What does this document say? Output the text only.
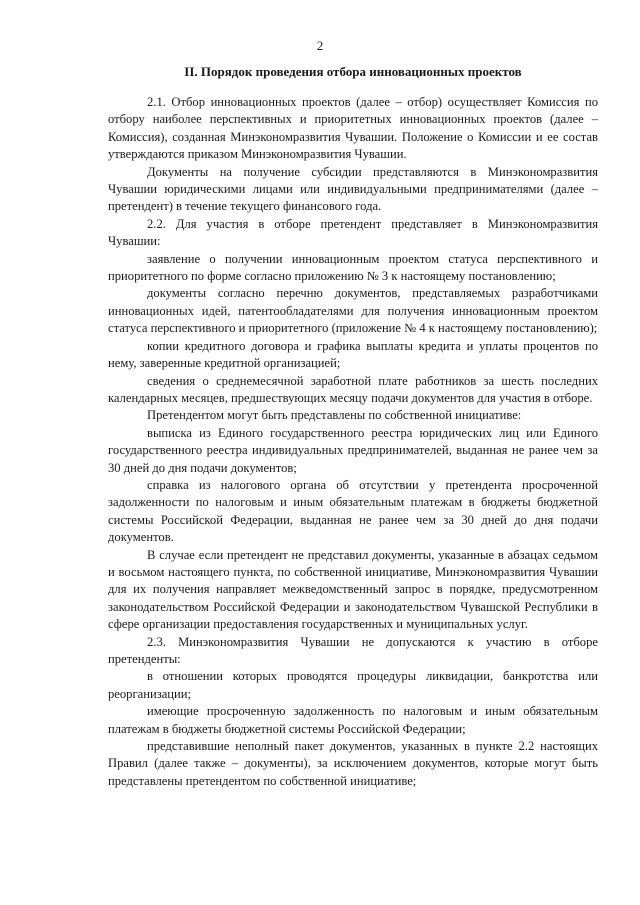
2
II. Порядок проведения отбора инновационных проектов

2.1. Отбор инновационных проектов (далее – отбор) осуществляет Комиссия по отбору наиболее перспективных и приоритетных инновационных проектов (далее – Комиссия), созданная Минэкономразвития Чувашии. Положение о Комиссии и ее состав утверждаются приказом Минэкономразвития Чувашии.

Документы на получение субсидии представляются в Минэкономразвития Чувашии юридическими лицами или индивидуальными предпринимателями (далее – претендент) в течение текущего финансового года.

2.2. Для участия в отборе претендент представляет в Минэкономразвития Чувашии:

заявление о получении инновационным проектом статуса перспективного и приоритетного по форме согласно приложению № 3 к настоящему постановлению;

документы согласно перечню документов, представляемых разработчиками инновационных идей, патентообладателями для получения инновационным проектом статуса перспективного и приоритетного (приложение № 4 к настоящему постановлению);

копии кредитного договора и графика выплаты кредита и уплаты процентов по нему, заверенные кредитной организацией;

сведения о среднемесячной заработной плате работников за шесть последних календарных месяцев, предшествующих месяцу подачи документов для участия в отборе.

Претендентом могут быть представлены по собственной инициативе:

выписка из Единого государственного реестра юридических лиц или Единого государственного реестра индивидуальных предпринимателей, выданная не ранее чем за 30 дней до дня подачи документов;

справка из налогового органа об отсутствии у претендента просроченной задолженности по налоговым и иным обязательным платежам в бюджеты бюджетной системы Российской Федерации, выданная не ранее чем за 30 дней до дня подачи документов.

В случае если претендент не представил документы, указанные в абзацах седьмом и восьмом настоящего пункта, по собственной инициативе, Минэкономразвития Чувашии для их получения направляет межведомственный запрос в порядке, предусмотренном законодательством Российской Федерации и законодательством Чувашской Республики в сфере организации предоставления государственных и муниципальных услуг.

2.3. Минэкономразвития Чувашии не допускаются к участию в отборе претенденты:

в отношении которых проводятся процедуры ликвидации, банкротства или реорганизации;

имеющие просроченную задолженность по налоговым и иным обязательным платежам в бюджеты бюджетной системы Российской Федерации;

представившие неполный пакет документов, указанных в пункте 2.2 настоящих Правил (далее также – документы), за исключением документов, которые могут быть представлены претендентом по собственной инициативе;
